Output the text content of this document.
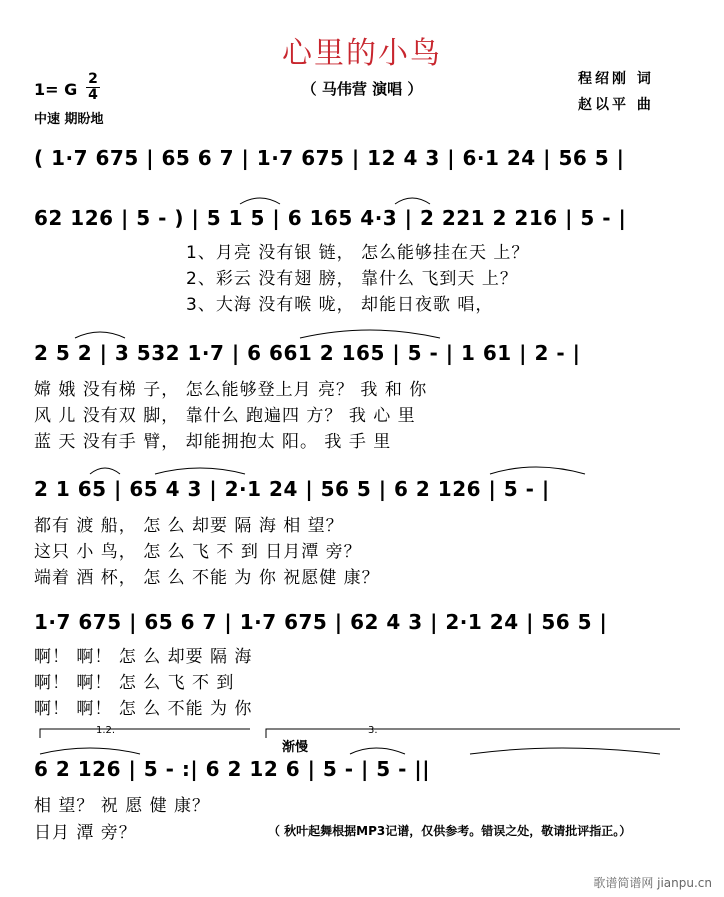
心里的小鸟
（ 马伟营 演唱 ）
1= G
2
4
中速 期盼地
程绍刚 词
赵以平 曲
( 1·7 675 | 65 6 7 | 1·7 675 | 12 4 3 | 6·1 24 | 56 5 |
62 126 | 5 - ) | 5 1 5 | 6 165 4·3 | 2 221 2 216 | 5 - |
1、月亮 没有银 链， 怎么能够挂在天 上？
2、彩云 没有翅 膀， 靠什么 飞到天 上？
3、大海 没有喉 咙， 却能日夜歌 唱，
2 5 2 | 3 532 1·7 | 6 661 2 165 | 5 - | 1 61 | 2 - |
嫦 娥 没有梯 子， 怎么能够登上月 亮？ 我 和 你
风 儿 没有双 脚， 靠什么 跑遍四 方？ 我 心 里
蓝 天 没有手 臂， 却能拥抱太 阳。 我 手 里
2 1 65 | 65 4 3 | 2·1 24 | 56 5 | 6 2 126 | 5 - |
都有 渡 船， 怎 么 却要 隔 海 相 望？
这只 小 鸟， 怎 么 飞 不 到 日月潭 旁？
端着 酒 杯， 怎 么 不能 为 你 祝愿健 康？
1·7 675 | 65 6 7 | 1·7 675 | 62 4 3 | 2·1 24 | 56 5 |
啊！ 啊！ 怎 么 却要 隔 海
啊！ 啊！ 怎 么 飞 不 到
啊！ 啊！ 怎 么 不能 为 你
1.2.	3.
渐慢
6 2 126 | 5 - :| 6 2 12 6 | 5 - | 5 - ||
相 望？ 祝 愿 健 康？
日月 潭 旁？	（ 秋叶起舞根据MP3记谱，仅供参考。错误之处，敬请批评指正。）
歌谱简谱网 jianpu.cn
